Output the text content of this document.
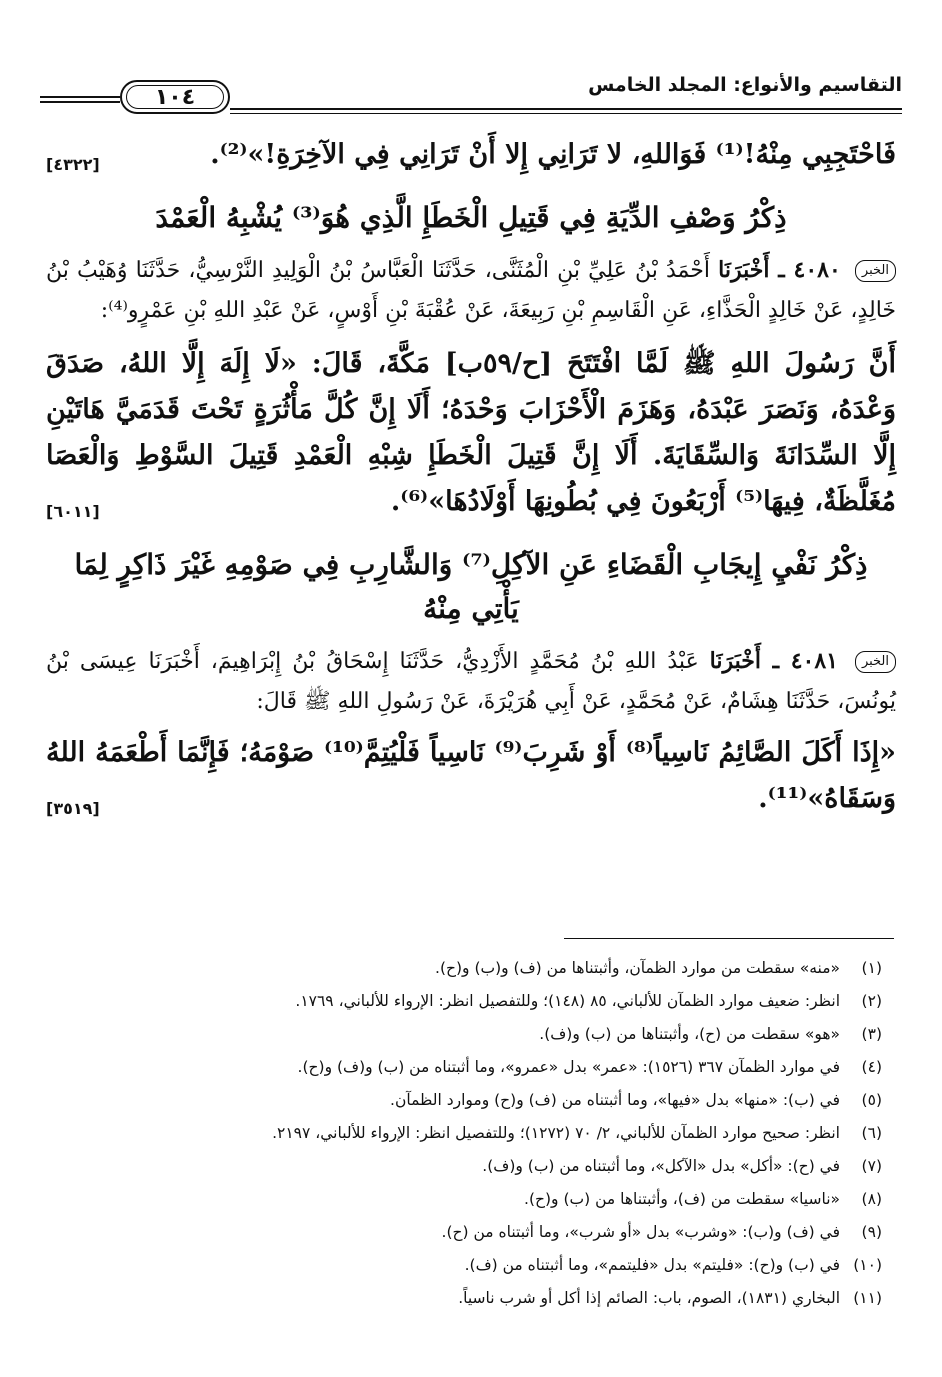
التقاسيم والأنواع: المجلد الخامس
١٠٤

فَاحْتَجِبِي مِنْهُ!⁽¹⁾ فَوَاللهِ، لا تَرَانِي إِلا أَنْ تَرَانِي فِي الآخِرَةِ!»⁽²⁾.
[٤٣٢٢]

ذِكْرُ وَصْفِ الدِّيَةِ فِي قَتِيلِ الْخَطَإِ الَّذِي هُوَ⁽³⁾ يُشْبِهُ الْعَمْدَ

الخبر ٤٠٨٠ ـ أَخْبَرَنَا أَحْمَدُ بْنُ عَلِيِّ بْنِ الْمُثَنَّى، حَدَّثَنَا الْعَبَّاسُ بْنُ الْوَلِيدِ النَّرْسِيُّ، حَدَّثَنَا وُهَيْبُ بْنُ خَالِدٍ، عَنْ خَالِدٍ الْحَذَّاءِ، عَنِ الْقَاسِمِ بْنِ رَبِيعَةَ، عَنْ عُقْبَةَ بْنِ أَوْسٍ، عَنْ عَبْدِ اللهِ بْنِ عَمْرٍو⁽⁴⁾:

أَنَّ رَسُولَ اللهِ ﷺ لَمَّا افْتَتَحَ [ح/٥٩ب] مَكَّةَ، قَالَ: «لَا إِلَهَ إِلَّا اللهُ، صَدَقَ وَعْدَهُ، وَنَصَرَ عَبْدَهُ، وَهَزَمَ الْأَحْزَابَ وَحْدَهُ؛ أَلَا إِنَّ كُلَّ مَأْثُرَةٍ تَحْتَ قَدَمَيَّ هَاتَيْنِ إِلَّا السِّدَانَةَ وَالسِّقَايَةَ. أَلَا إِنَّ قَتِيلَ الْخَطَإِ شِبْهِ الْعَمْدِ قَتِيلَ السَّوْطِ وَالْعَصَا مُغَلَّظَةٌ، فِيهَا⁽⁵⁾ أَرْبَعُونَ فِي بُطُونِهَا أَوْلَادُهَا»⁽⁶⁾.
[٦٠١١]

ذِكْرُ نَفْيِ إِيجَابِ الْقَضَاءِ عَنِ الآكِلِ⁽⁷⁾ وَالشَّارِبِ فِي صَوْمِهِ غَيْرَ ذَاكِرٍ لِمَا يَأْتِي مِنْهُ

الخبر ٤٠٨١ ـ أَخْبَرَنَا عَبْدُ اللهِ بْنُ مُحَمَّدٍ الأَزْدِيُّ، حَدَّثَنَا إِسْحَاقُ بْنُ إِبْرَاهِيمَ، أَخْبَرَنَا عِيسَى بْنُ يُونُسَ، حَدَّثَنَا هِشَامٌ، عَنْ مُحَمَّدٍ، عَنْ أَبِي هُرَيْرَةَ، عَنْ رَسُولِ اللهِ ﷺ قَالَ:

«إِذَا أَكَلَ الصَّائِمُ نَاسِياً⁽⁸⁾ أَوْ شَرِبَ⁽⁹⁾ نَاسِياً فَلْيُتِمَّ⁽¹⁰⁾ صَوْمَهُ؛ فَإِنَّمَا أَطْعَمَهُ اللهُ وَسَقَاهُ»⁽¹¹⁾.
[٣٥١٩]

(١)«منه» سقطت من موارد الظمآن، وأثبتناها من (ف) و(ب) و(ح).
(٢)انظر: ضعيف موارد الظمآن للألباني، ٨٥ (١٤٨)؛ وللتفصيل انظر: الإرواء للألباني، ١٧٦٩.
(٣)«هو» سقطت من (ح)، وأثبتناها من (ب) و(ف).
(٤)في موارد الظمآن ٣٦٧ (١٥٢٦): «عمر» بدل «عمرو»، وما أثبتناه من (ب) و(ف) و(ح).
(٥)في (ب): «منها» بدل «فيها»، وما أثبتناه من (ف) و(ح) وموارد الظمآن.
(٦)انظر: صحيح موارد الظمآن للألباني، ٢/ ٧٠ (١٢٧٢)؛ وللتفصيل انظر: الإرواء للألباني، ٢١٩٧.
(٧)في (ح): «أكل» بدل «الآكل»، وما أثبتناه من (ب) و(ف).
(٨)«ناسيا» سقطت من (ف)، وأثبتناها من (ب) و(ح).
(٩)في (ف) و(ب): «وشرب» بدل «أو شرب»، وما أثبتناه من (ح).
(١٠)في (ب) و(ح): «فليتم» بدل «فليتمم»، وما أثبتناه من (ف).
(١١)البخاري (١٨٣١)، الصوم، باب: الصائم إذا أكل أو شرب ناسياً.
